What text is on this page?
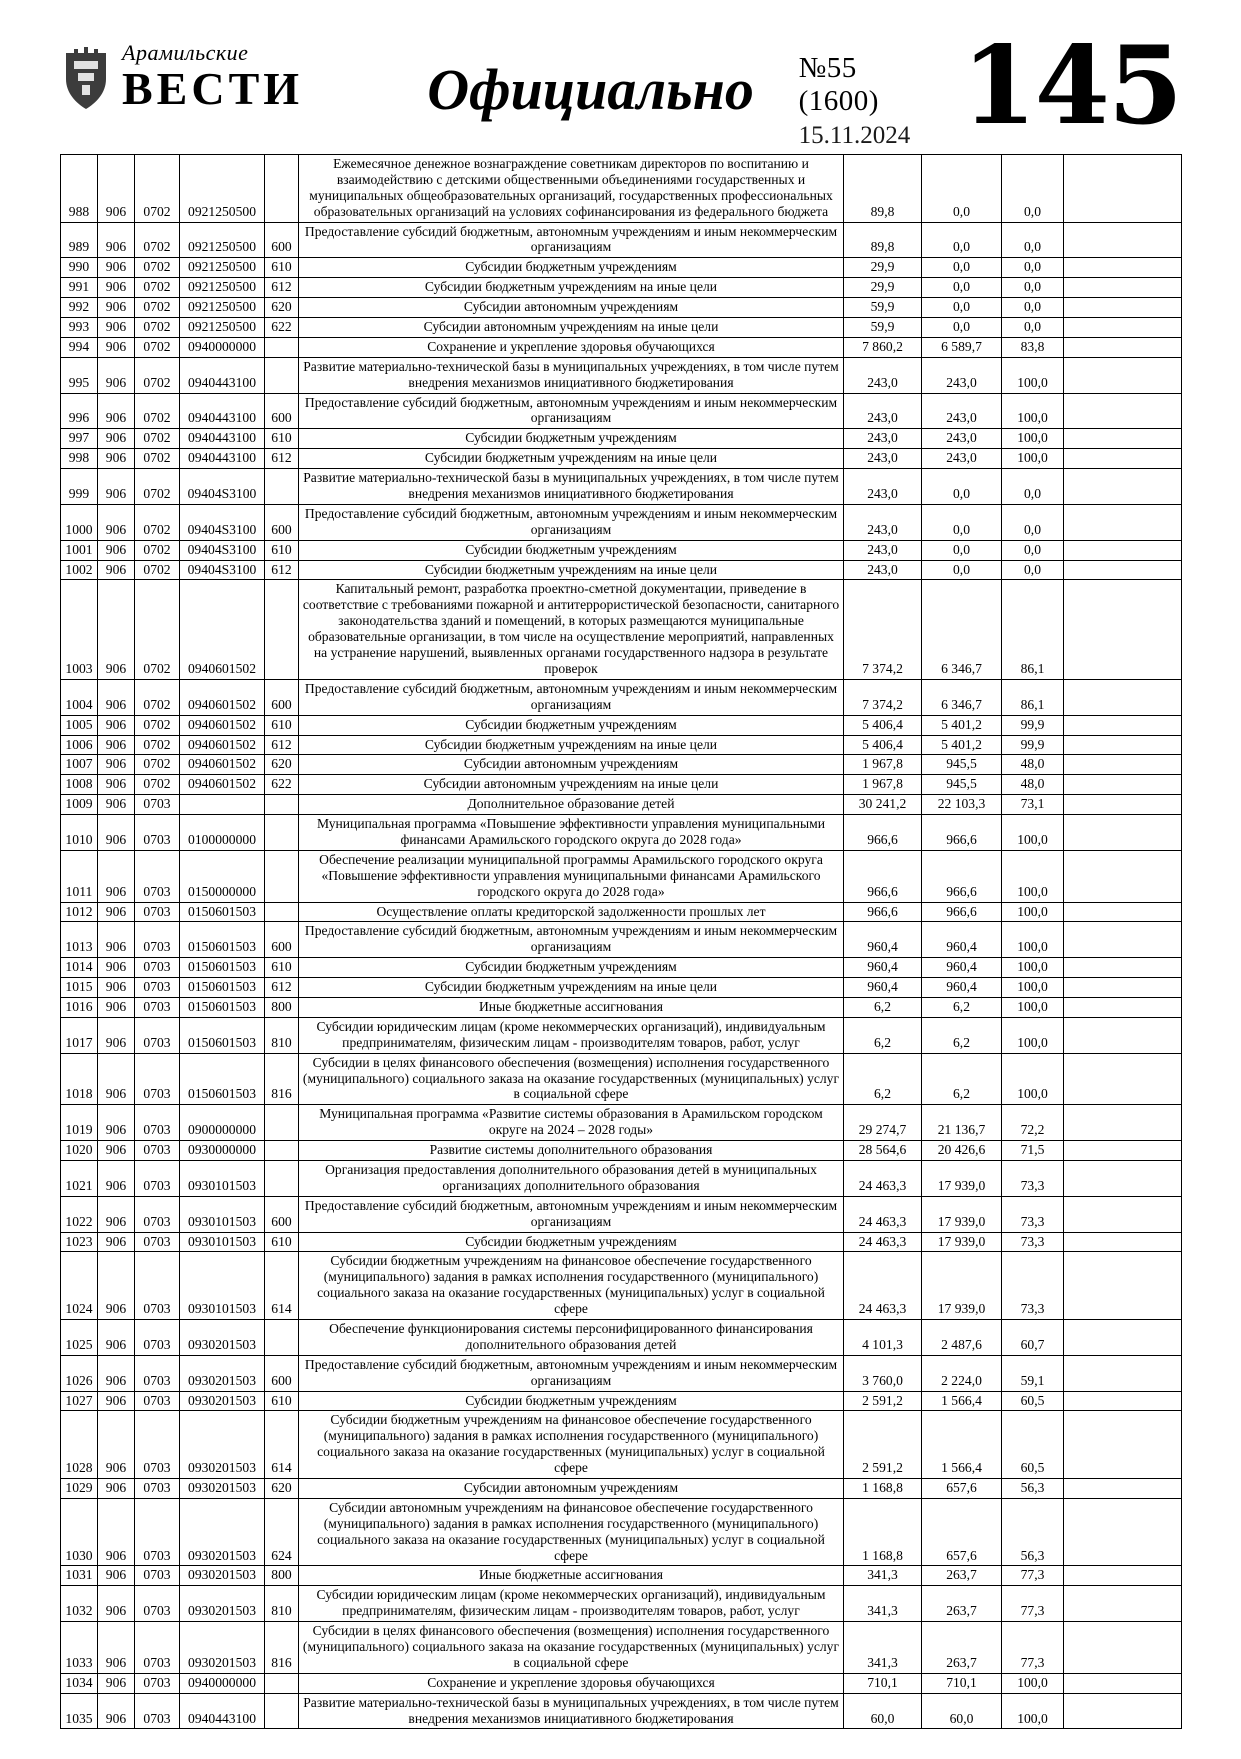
Арамильские
ВЕСТИ	Официально	№55 (1600)
15.11.2024 145
988	906	0702	0921250500		Ежемесячное денежное вознаграждение советникам директоров по воспитанию и взаимодействию с детскими общественными объединениями государственных и муниципальных общеобразовательных организаций, государственных профессиональных образовательных организаций на условиях софинансирования из федерального бюджета	89,8	0,0	0,0	
989	906	0702	0921250500	600	Предоставление субсидий бюджетным, автономным учреждениям и иным некоммерческим организациям	89,8	0,0	0,0	
990	906	0702	0921250500	610	Субсидии бюджетным учреждениям	29,9	0,0	0,0	
991	906	0702	0921250500	612	Субсидии бюджетным учреждениям на иные цели	29,9	0,0	0,0	
992	906	0702	0921250500	620	Субсидии автономным учреждениям	59,9	0,0	0,0	
993	906	0702	0921250500	622	Субсидии автономным учреждениям на иные цели	59,9	0,0	0,0	
994	906	0702	0940000000		Сохранение и укрепление здоровья обучающихся	7 860,2	6 589,7	83,8	
995	906	0702	0940443100		Развитие материально-технической базы в муниципальных учреждениях, в том числе путем внедрения механизмов инициативного бюджетирования	243,0	243,0	100,0	
996	906	0702	0940443100	600	Предоставление субсидий бюджетным, автономным учреждениям и иным некоммерческим организациям	243,0	243,0	100,0	
997	906	0702	0940443100	610	Субсидии бюджетным учреждениям	243,0	243,0	100,0	
998	906	0702	0940443100	612	Субсидии бюджетным учреждениям на иные цели	243,0	243,0	100,0	
999	906	0702	09404S3100		Развитие материально-технической базы в муниципальных учреждениях, в том числе путем внедрения механизмов инициативного бюджетирования	243,0	0,0	0,0	
1000	906	0702	09404S3100	600	Предоставление субсидий бюджетным, автономным учреждениям и иным некоммерческим организациям	243,0	0,0	0,0	
1001	906	0702	09404S3100	610	Субсидии бюджетным учреждениям	243,0	0,0	0,0	
1002	906	0702	09404S3100	612	Субсидии бюджетным учреждениям на иные цели	243,0	0,0	0,0	
1003	906	0702	0940601502		Капитальный ремонт, разработка проектно-сметной документации, приведение в соответствие с требованиями пожарной и антитеррористической безопасности, санитарного законодательства зданий и помещений, в которых размещаются муниципальные образовательные организации, в том числе на осуществление мероприятий, направленных на устранение нарушений, выявленных органами государственного надзора в результате проверок	7 374,2	6 346,7	86,1	
1004	906	0702	0940601502	600	Предоставление субсидий бюджетным, автономным учреждениям и иным некоммерческим организациям	7 374,2	6 346,7	86,1	
1005	906	0702	0940601502	610	Субсидии бюджетным учреждениям	5 406,4	5 401,2	99,9	
1006	906	0702	0940601502	612	Субсидии бюджетным учреждениям на иные цели	5 406,4	5 401,2	99,9	
1007	906	0702	0940601502	620	Субсидии автономным учреждениям	1 967,8	945,5	48,0	
1008	906	0702	0940601502	622	Субсидии автономным учреждениям на иные цели	1 967,8	945,5	48,0	
1009	906	0703			Дополнительное образование детей	30 241,2	22 103,3	73,1	
1010	906	0703	0100000000		Муниципальная программа «Повышение эффективности управления муниципальными финансами Арамильского городского округа до 2028 года»	966,6	966,6	100,0	
1011	906	0703	0150000000		Обеспечение реализации муниципальной программы Арамильского городского округа «Повышение эффективности управления муниципальными финансами Арамильского городского округа до 2028 года»	966,6	966,6	100,0	
1012	906	0703	0150601503		Осуществление оплаты кредиторской задолженности прошлых лет	966,6	966,6	100,0	
1013	906	0703	0150601503	600	Предоставление субсидий бюджетным, автономным учреждениям и иным некоммерческим организациям	960,4	960,4	100,0	
1014	906	0703	0150601503	610	Субсидии бюджетным учреждениям	960,4	960,4	100,0	
1015	906	0703	0150601503	612	Субсидии бюджетным учреждениям на иные цели	960,4	960,4	100,0	
1016	906	0703	0150601503	800	Иные бюджетные ассигнования	6,2	6,2	100,0	
1017	906	0703	0150601503	810	Субсидии юридическим лицам (кроме некоммерческих организаций), индивидуальным предпринимателям, физическим лицам - производителям товаров, работ, услуг	6,2	6,2	100,0	
1018	906	0703	0150601503	816	Субсидии в целях финансового обеспечения (возмещения) исполнения государственного (муниципального) социального заказа на оказание государственных (муниципальных) услуг в социальной сфере	6,2	6,2	100,0	
1019	906	0703	0900000000		Муниципальная программа «Развитие системы образования в Арамильском городском округе на 2024 – 2028 годы»	29 274,7	21 136,7	72,2	
1020	906	0703	0930000000		Развитие системы дополнительного образования	28 564,6	20 426,6	71,5	
1021	906	0703	0930101503		Организация предоставления дополнительного образования детей в муниципальных организациях дополнительного образования	24 463,3	17 939,0	73,3	
1022	906	0703	0930101503	600	Предоставление субсидий бюджетным, автономным учреждениям и иным некоммерческим организациям	24 463,3	17 939,0	73,3	
1023	906	0703	0930101503	610	Субсидии бюджетным учреждениям	24 463,3	17 939,0	73,3	
1024	906	0703	0930101503	614	Субсидии бюджетным учреждениям на финансовое обеспечение государственного (муниципального) задания в рамках исполнения государственного (муниципального) социального заказа на оказание государственных (муниципальных) услуг в социальной сфере	24 463,3	17 939,0	73,3	
1025	906	0703	0930201503		Обеспечение функционирования системы персонифицированного финансирования дополнительного образования детей	4 101,3	2 487,6	60,7	
1026	906	0703	0930201503	600	Предоставление субсидий бюджетным, автономным учреждениям и иным некоммерческим организациям	3 760,0	2 224,0	59,1	
1027	906	0703	0930201503	610	Субсидии бюджетным учреждениям	2 591,2	1 566,4	60,5	
1028	906	0703	0930201503	614	Субсидии бюджетным учреждениям на финансовое обеспечение государственного (муниципального) задания в рамках исполнения государственного (муниципального) социального заказа на оказание государственных (муниципальных) услуг в социальной сфере	2 591,2	1 566,4	60,5	
1029	906	0703	0930201503	620	Субсидии автономным учреждениям	1 168,8	657,6	56,3	
1030	906	0703	0930201503	624	Субсидии автономным учреждениям на финансовое обеспечение государственного (муниципального) задания в рамках исполнения государственного (муниципального) социального заказа на оказание государственных (муниципальных) услуг в социальной сфере	1 168,8	657,6	56,3	
1031	906	0703	0930201503	800	Иные бюджетные ассигнования	341,3	263,7	77,3	
1032	906	0703	0930201503	810	Субсидии юридическим лицам (кроме некоммерческих организаций), индивидуальным предпринимателям, физическим лицам - производителям товаров, работ, услуг	341,3	263,7	77,3	
1033	906	0703	0930201503	816	Субсидии в целях финансового обеспечения (возмещения) исполнения государственного (муниципального) социального заказа на оказание государственных (муниципальных) услуг в социальной сфере	341,3	263,7	77,3	
1034	906	0703	0940000000		Сохранение и укрепление здоровья обучающихся	710,1	710,1	100,0	
1035	906	0703	0940443100		Развитие материально-технической базы в муниципальных учреждениях, в том числе путем внедрения механизмов инициативного бюджетирования	60,0	60,0	100,0	
